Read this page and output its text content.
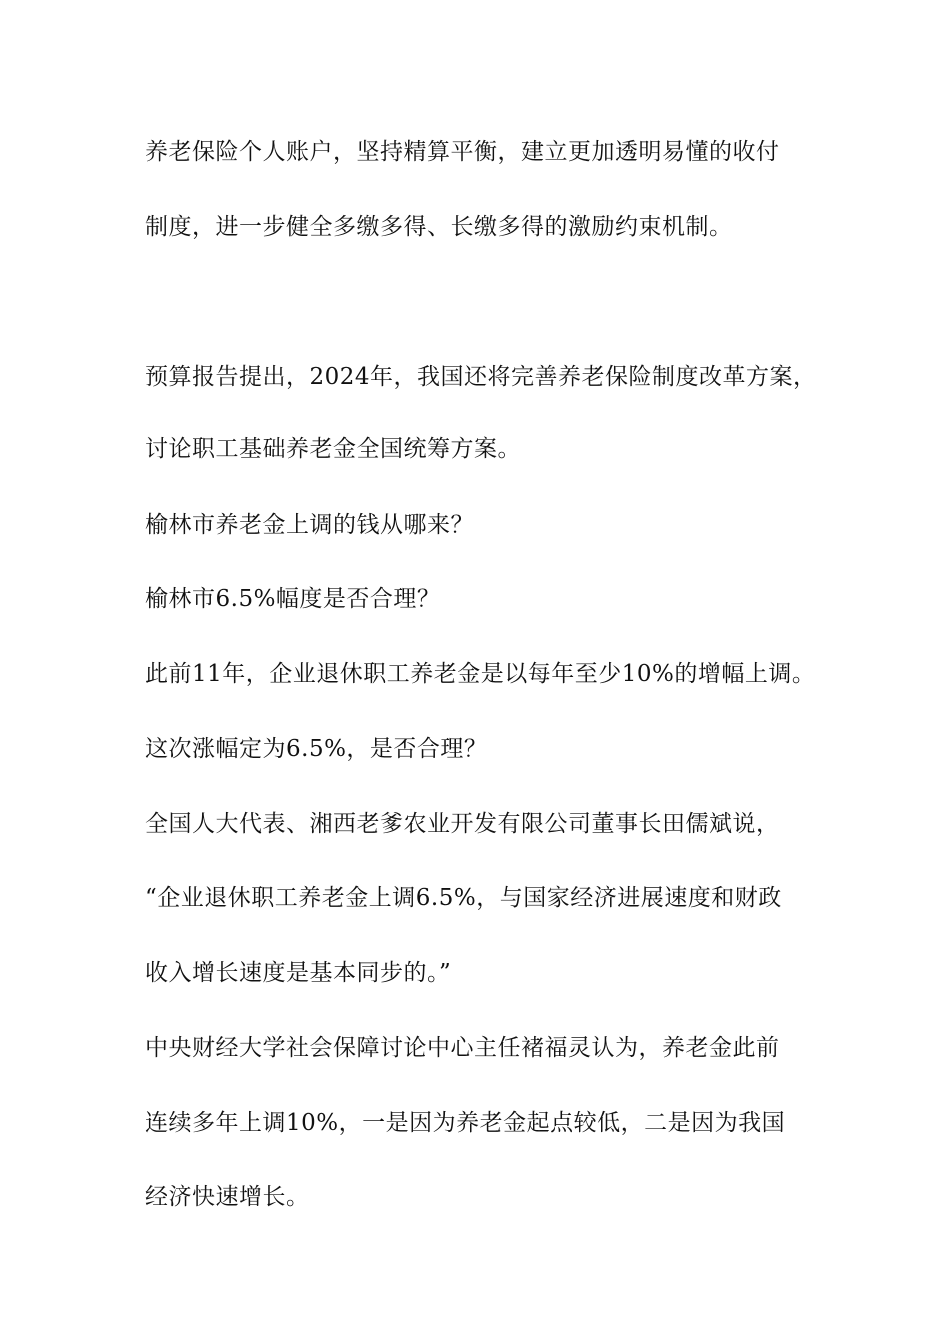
养老保险个人账户，坚持精算平衡，建立更加透明易懂的收付
制度，进一步健全多缴多得、长缴多得的激励约束机制。
预算报告提出，2024年，我国还将完善养老保险制度改革方案，
讨论职工基础养老金全国统筹方案。
榆林市养老金上调的钱从哪来？
榆林市6.5%幅度是否合理？
此前11年，企业退休职工养老金是以每年至少10%的增幅上调。
这次涨幅定为6.5%，是否合理？
全国人大代表、湘西老爹农业开发有限公司董事长田儒斌说，
“企业退休职工养老金上调6.5%，与国家经济进展速度和财政
收入增长速度是基本同步的。”
中央财经大学社会保障讨论中心主任褚福灵认为，养老金此前
连续多年上调10%，一是因为养老金起点较低，二是因为我国
经济快速增长。
